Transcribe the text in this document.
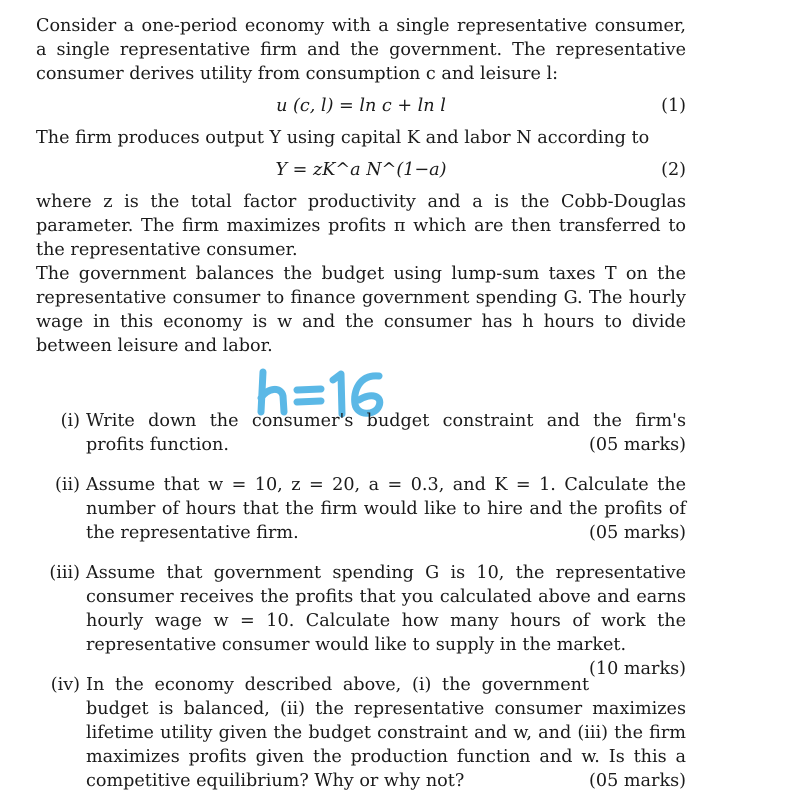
Consider a one-period economy with a single representative consumer, a single representative firm and the government. The representative consumer derives utility from consumption c and leisure l:

u (c, l) = ln c + ln l	(1)

The firm produces output Y using capital K and labor N according to

Y = zK^a N^(1−a)	(2)

where z is the total factor productivity and a is the Cobb-Douglas parameter. The firm maximizes profits π which are then transferred to the representative consumer.

The government balances the budget using lump-sum taxes T on the representative consumer to finance government spending G. The hourly wage in this economy is w and the consumer has h hours to divide between leisure and labor.

(i) Write down the consumer's budget constraint and the firm's profits function.	(05 marks)
(ii) Assume that w = 10, z = 20, a = 0.3, and K = 1. Calculate the number of hours that the firm would like to hire and the profits of the representative firm.	(05 marks)
(iii) Assume that government spending G is 10, the representative consumer receives the profits that you calculated above and earns hourly wage w = 10. Calculate how many hours of work the representative consumer would like to supply in the market.
(10 marks)
(iv) In the economy described above, (i) the government budget is balanced, (ii) the representative consumer maximizes lifetime utility given the budget constraint and w, and (iii) the firm maximizes profits given the production function and w. Is this a competitive equilibrium? Why or why not?	(05 marks)
